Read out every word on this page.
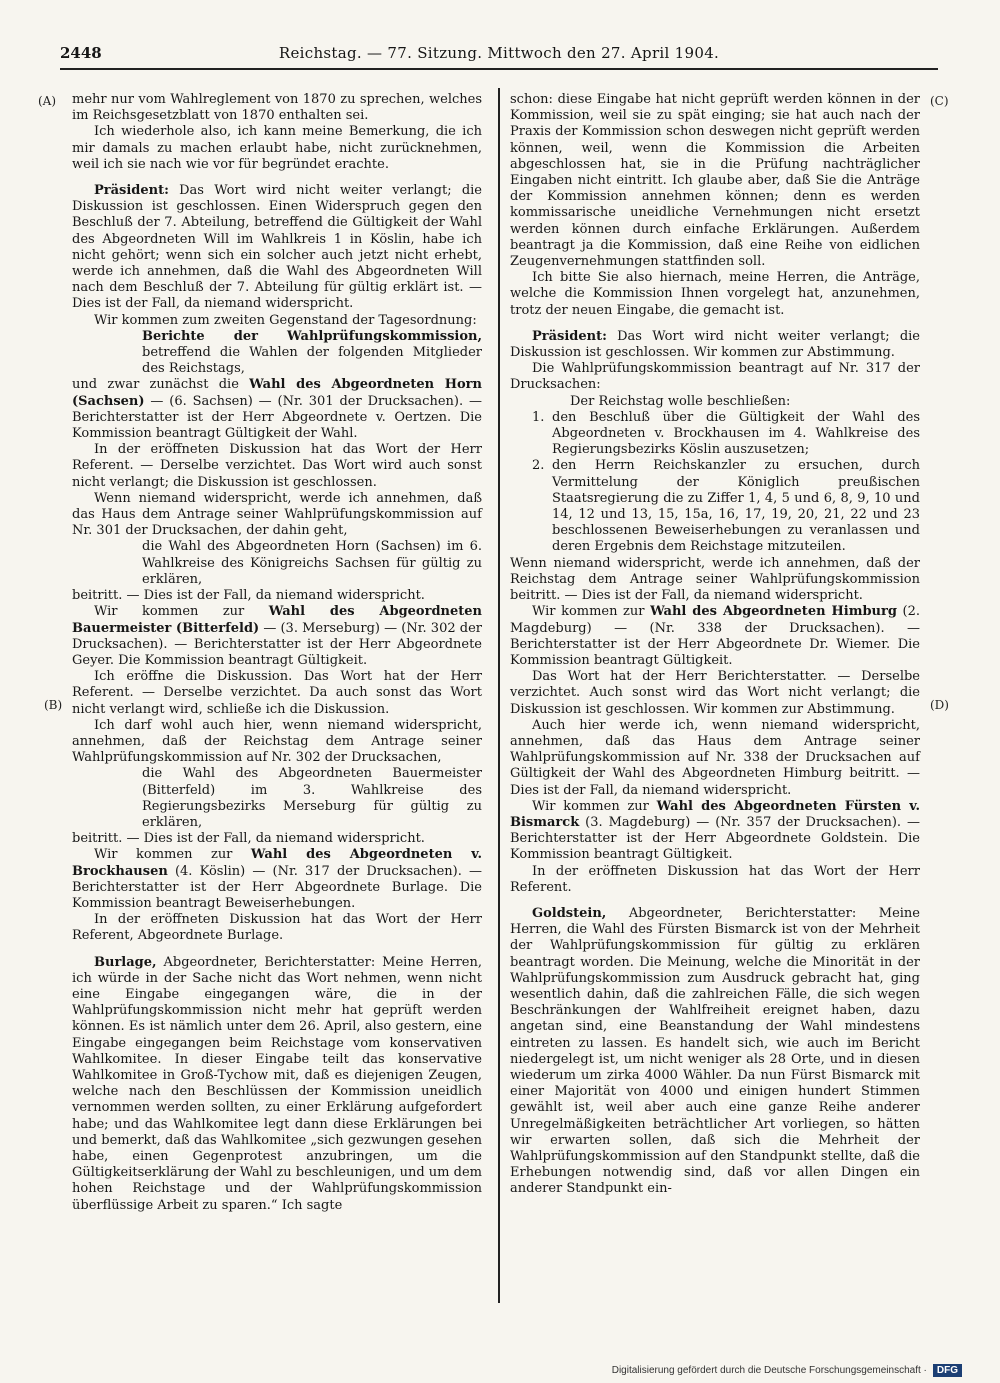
2448	Reichstag. — 77. Sitzung. Mittwoch den 27. April 1904.
(A)
(B)
(C)
(D)

mehr nur vom Wahlreglement von 1870 zu sprechen, welches im Reichsgesetzblatt von 1870 enthalten sei.

Ich wiederhole also, ich kann meine Bemerkung, die ich mir damals zu machen erlaubt habe, nicht zurücknehmen, weil ich sie nach wie vor für begründet erachte.

Präsident: Das Wort wird nicht weiter verlangt; die Diskussion ist geschlossen. Einen Widerspruch gegen den Beschluß der 7. Abteilung, betreffend die Gültigkeit der Wahl des Abgeordneten Will im Wahlkreis 1 in Köslin, habe ich nicht gehört; wenn sich ein solcher auch jetzt nicht erhebt, werde ich annehmen, daß die Wahl des Abgeordneten Will nach dem Beschluß der 7. Abteilung für gültig erklärt ist. — Dies ist der Fall, da niemand widerspricht.

Wir kommen zum zweiten Gegenstand der Tagesordnung:

Berichte der Wahlprüfungskommission, betreffend die Wahlen der folgenden Mitglieder des Reichstags,

und zwar zunächst die Wahl des Abgeordneten Horn (Sachsen) — (6. Sachsen) — (Nr. 301 der Drucksachen). — Berichterstatter ist der Herr Abgeordnete v. Oertzen. Die Kommission beantragt Gültigkeit der Wahl.

In der eröffneten Diskussion hat das Wort der Herr Referent. — Derselbe verzichtet. Das Wort wird auch sonst nicht verlangt; die Diskussion ist geschlossen.

Wenn niemand widerspricht, werde ich annehmen, daß das Haus dem Antrage seiner Wahlprüfungskommission auf Nr. 301 der Drucksachen, der dahin geht,

die Wahl des Abgeordneten Horn (Sachsen) im 6. Wahlkreise des Königreichs Sachsen für gültig zu erklären,

beitritt. — Dies ist der Fall, da niemand widerspricht.

Wir kommen zur Wahl des Abgeordneten Bauermeister (Bitterfeld) — (3. Merseburg) — (Nr. 302 der Drucksachen). — Berichterstatter ist der Herr Abgeordnete Geyer. Die Kommission beantragt Gültigkeit.

Ich eröffne die Diskussion. Das Wort hat der Herr Referent. — Derselbe verzichtet. Da auch sonst das Wort nicht verlangt wird, schließe ich die Diskussion.

Ich darf wohl auch hier, wenn niemand widerspricht, annehmen, daß der Reichstag dem Antrage seiner Wahlprüfungskommission auf Nr. 302 der Drucksachen,

die Wahl des Abgeordneten Bauermeister (Bitterfeld) im 3. Wahlkreise des Regierungsbezirks Merseburg für gültig zu erklären,

beitritt. — Dies ist der Fall, da niemand widerspricht.

Wir kommen zur Wahl des Abgeordneten v. Brockhausen (4. Köslin) — (Nr. 317 der Drucksachen). — Berichterstatter ist der Herr Abgeordnete Burlage. Die Kommission beantragt Beweiserhebungen.

In der eröffneten Diskussion hat das Wort der Herr Referent, Abgeordnete Burlage.

Burlage, Abgeordneter, Berichterstatter: Meine Herren, ich würde in der Sache nicht das Wort nehmen, wenn nicht eine Eingabe eingegangen wäre, die in der Wahlprüfungskommission nicht mehr hat geprüft werden können. Es ist nämlich unter dem 26. April, also gestern, eine Eingabe eingegangen beim Reichstage vom konservativen Wahlkomitee. In dieser Eingabe teilt das konservative Wahlkomitee in Groß-Tychow mit, daß es diejenigen Zeugen, welche nach den Beschlüssen der Kommission uneidlich vernommen werden sollten, zu einer Erklärung aufgefordert habe; und das Wahlkomitee legt dann diese Erklärungen bei und bemerkt, daß das Wahlkomitee „sich gezwungen gesehen habe, einen Gegenprotest anzubringen, um die Gültigkeitserklärung der Wahl zu beschleunigen, und um dem hohen Reichstage und der Wahlprüfungskommission überflüssige Arbeit zu sparen.“ Ich sagte

schon: diese Eingabe hat nicht geprüft werden können in der Kommission, weil sie zu spät einging; sie hat auch nach der Praxis der Kommission schon deswegen nicht geprüft werden können, weil, wenn die Kommission die Arbeiten abgeschlossen hat, sie in die Prüfung nachträglicher Eingaben nicht eintritt. Ich glaube aber, daß Sie die Anträge der Kommission annehmen können; denn es werden kommissarische uneidliche Vernehmungen nicht ersetzt werden können durch einfache Erklärungen. Außerdem beantragt ja die Kommission, daß eine Reihe von eidlichen Zeugenvernehmungen stattfinden soll.

Ich bitte Sie also hiernach, meine Herren, die Anträge, welche die Kommission Ihnen vorgelegt hat, anzunehmen, trotz der neuen Eingabe, die gemacht ist.

Präsident: Das Wort wird nicht weiter verlangt; die Diskussion ist geschlossen. Wir kommen zur Abstimmung.

Die Wahlprüfungskommission beantragt auf Nr. 317 der Drucksachen:

Der Reichstag wolle beschließen:

1. den Beschluß über die Gültigkeit der Wahl des Abgeordneten v. Brockhausen im 4. Wahlkreise des Regierungsbezirks Köslin auszusetzen;
2. den Herrn Reichskanzler zu ersuchen, durch Vermittelung der Königlich preußischen Staatsregierung die zu Ziffer 1, 4, 5 und 6, 8, 9, 10 und 14, 12 und 13, 15, 15a, 16, 17, 19, 20, 21, 22 und 23 beschlossenen Beweiserhebungen zu veranlassen und deren Ergebnis dem Reichstage mitzuteilen.

Wenn niemand widerspricht, werde ich annehmen, daß der Reichstag dem Antrage seiner Wahlprüfungskommission beitritt. — Dies ist der Fall, da niemand widerspricht.

Wir kommen zur Wahl des Abgeordneten Himburg (2. Magdeburg) — (Nr. 338 der Drucksachen). — Berichterstatter ist der Herr Abgeordnete Dr. Wiemer. Die Kommission beantragt Gültigkeit.

Das Wort hat der Herr Berichterstatter. — Derselbe verzichtet. Auch sonst wird das Wort nicht verlangt; die Diskussion ist geschlossen. Wir kommen zur Abstimmung.

Auch hier werde ich, wenn niemand widerspricht, annehmen, daß das Haus dem Antrage seiner Wahlprüfungskommission auf Nr. 338 der Drucksachen auf Gültigkeit der Wahl des Abgeordneten Himburg beitritt. — Dies ist der Fall, da niemand widerspricht.

Wir kommen zur Wahl des Abgeordneten Fürsten v. Bismarck (3. Magdeburg) — (Nr. 357 der Drucksachen). — Berichterstatter ist der Herr Abgeordnete Goldstein. Die Kommission beantragt Gültigkeit.

In der eröffneten Diskussion hat das Wort der Herr Referent.

Goldstein, Abgeordneter, Berichterstatter: Meine Herren, die Wahl des Fürsten Bismarck ist von der Mehrheit der Wahlprüfungskommission für gültig zu erklären beantragt worden. Die Meinung, welche die Minorität in der Wahlprüfungskommission zum Ausdruck gebracht hat, ging wesentlich dahin, daß die zahlreichen Fälle, die sich wegen Beschränkungen der Wahlfreiheit ereignet haben, dazu angetan sind, eine Beanstandung der Wahl mindestens eintreten zu lassen. Es handelt sich, wie auch im Bericht niedergelegt ist, um nicht weniger als 28 Orte, und in diesen wiederum um zirka 4000 Wähler. Da nun Fürst Bismarck mit einer Majorität von 4000 und einigen hundert Stimmen gewählt ist, weil aber auch eine ganze Reihe anderer Unregelmäßigkeiten beträchtlicher Art vorliegen, so hätten wir erwarten sollen, daß sich die Mehrheit der Wahlprüfungskommission auf den Standpunkt stellte, daß die Erhebungen notwendig sind, daß vor allen Dingen ein anderer Standpunkt ein-

Digitalisierung gefördert durch die Deutsche Forschungsgemeinschaft ·	DFG
